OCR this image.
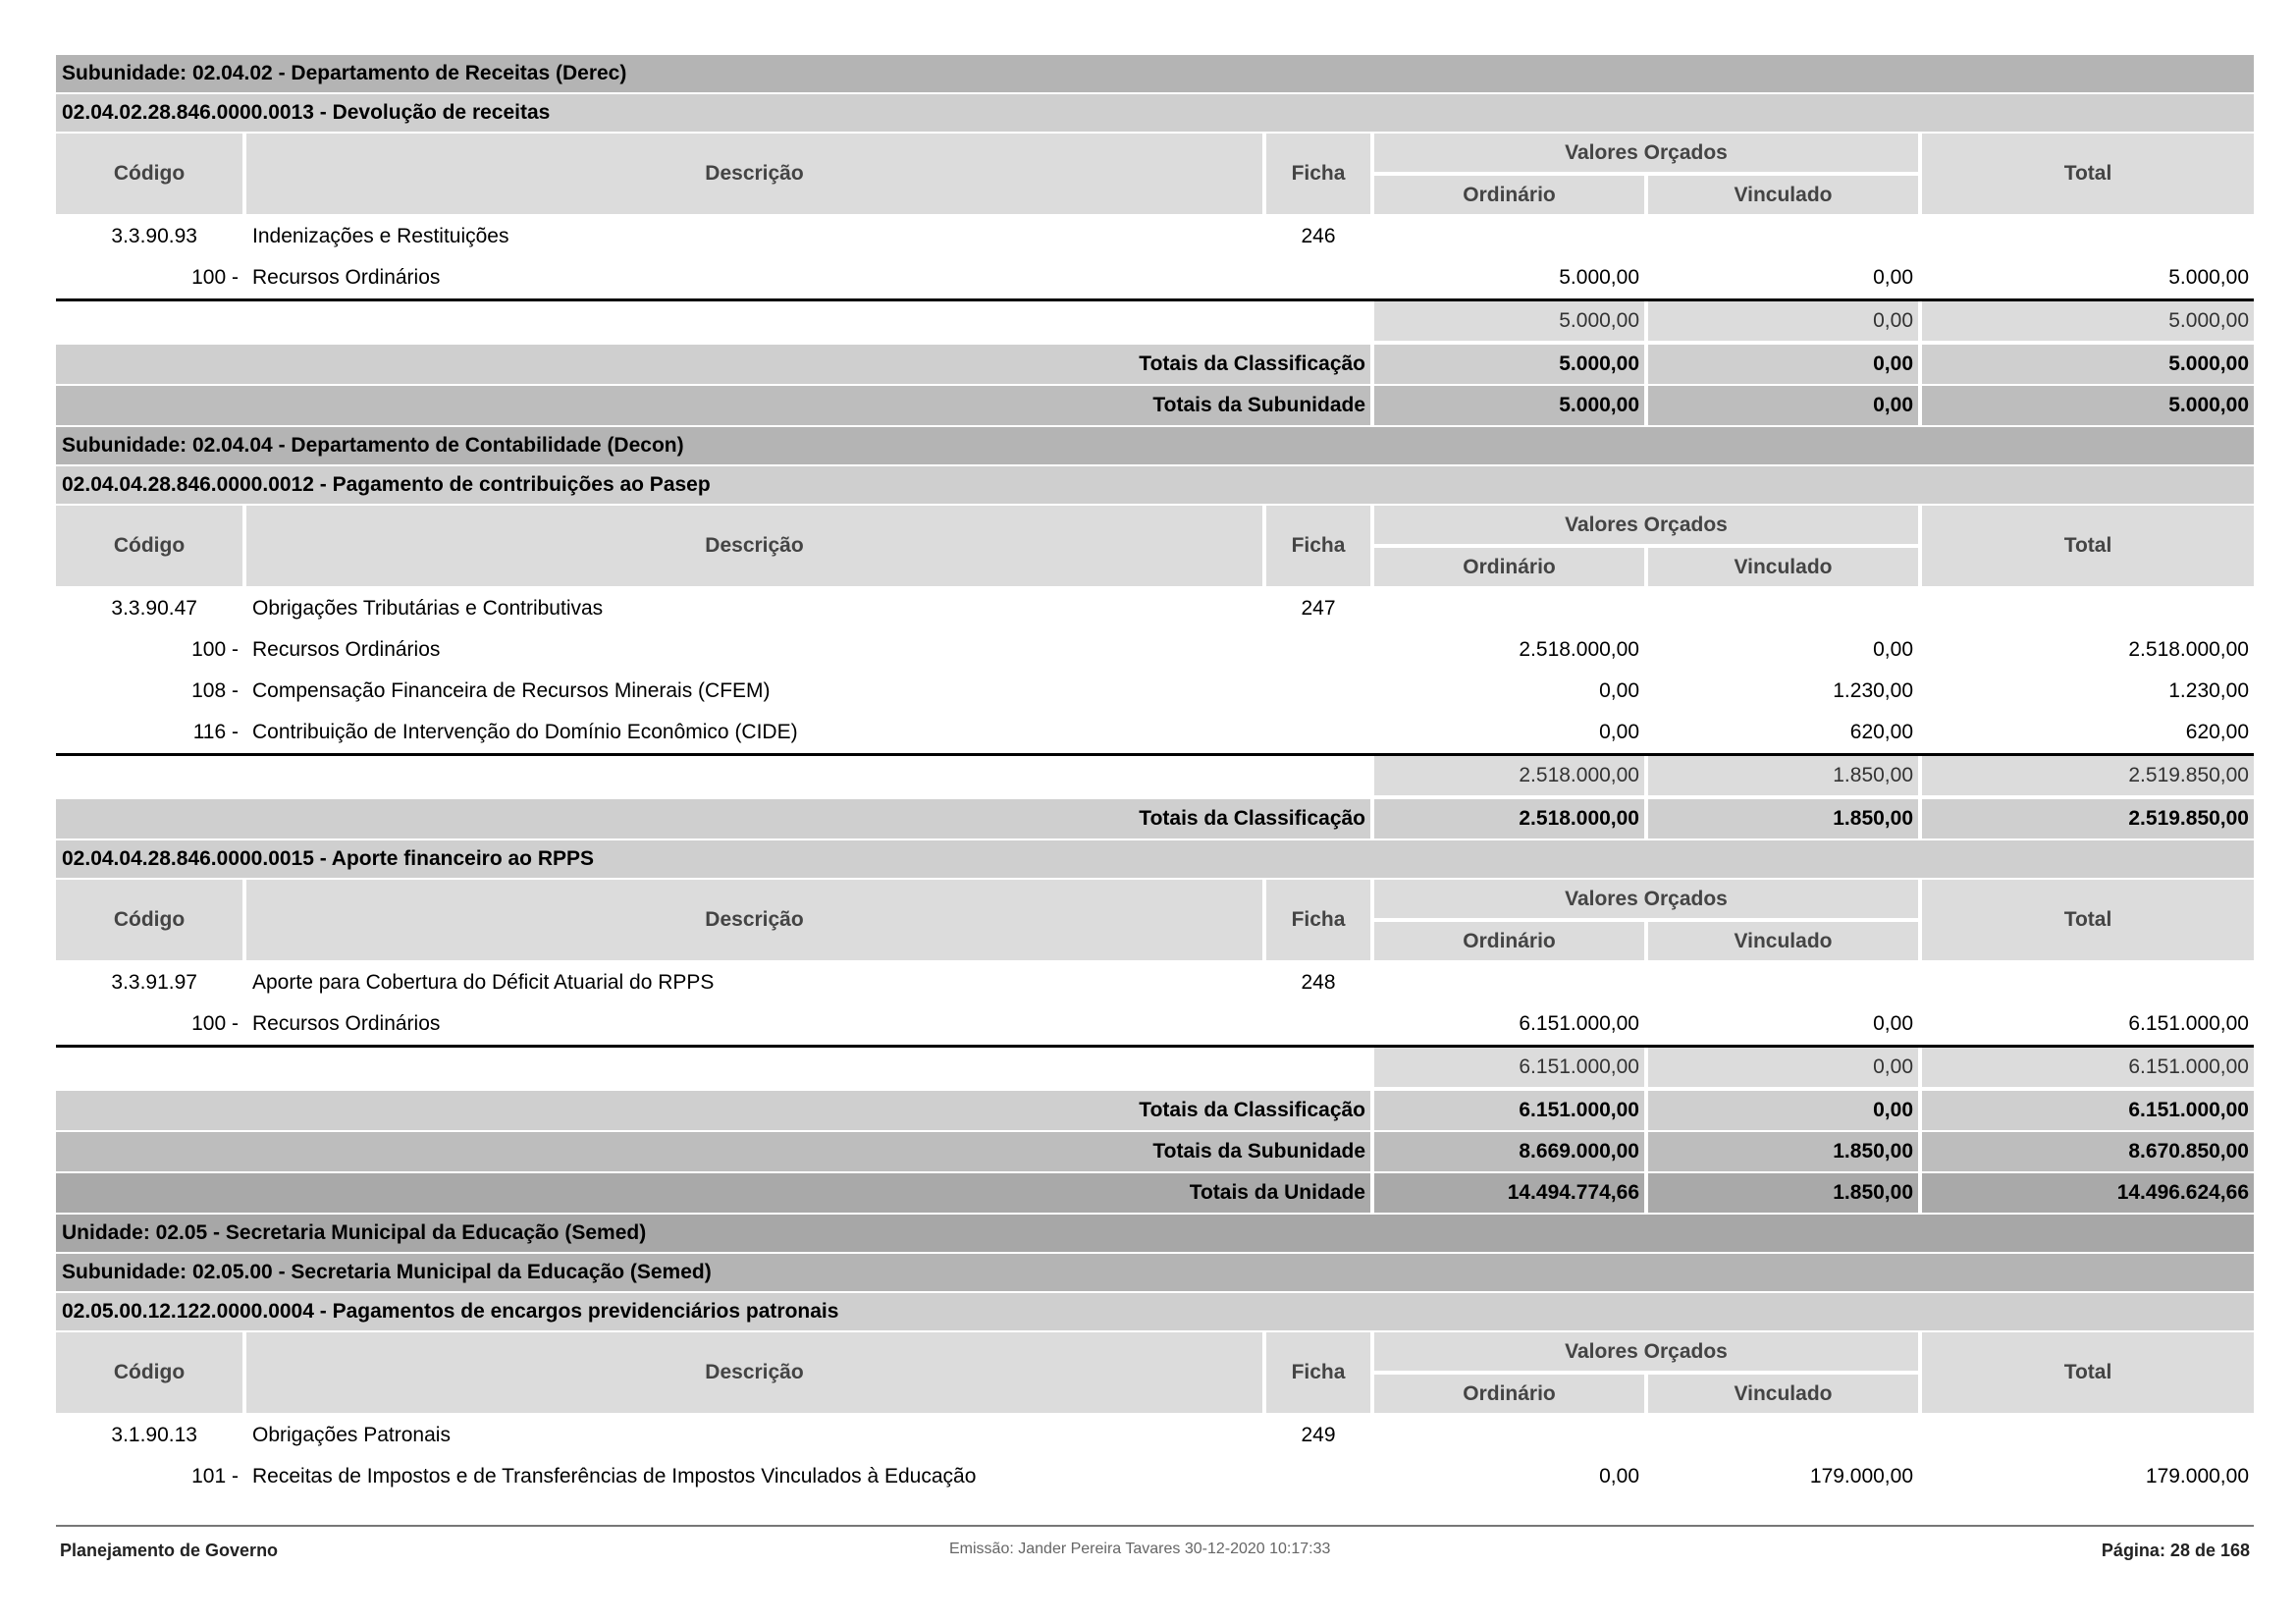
Subunidade: 02.04.02 - Departamento de Receitas (Derec)
02.04.02.28.846.0000.0013 - Devolução de receitas
Código	Descrição	Ficha
Valores Orçados
Ordinário	Vinculado
Total
3.3.90.93	Indenizações e Restituições	246
100 - Recursos Ordinários	5.000,00	0,00	5.000,00
5.000,00	0,00	5.000,00
Totais da Classificação	5.000,00	0,00	5.000,00
Totais da Subunidade	5.000,00	0,00	5.000,00
Subunidade: 02.04.04 - Departamento de Contabilidade (Decon)
02.04.04.28.846.0000.0012 - Pagamento de contribuições ao Pasep
Código	Descrição	Ficha
Valores Orçados
Ordinário	Vinculado
Total
3.3.90.47	Obrigações Tributárias e Contributivas	247
100 - Recursos Ordinários	2.518.000,00	0,00	2.518.000,00
108 - Compensação Financeira de Recursos Minerais (CFEM)	0,00	1.230,00	1.230,00
116 - Contribuição de Intervenção do Domínio Econômico (CIDE)	0,00	620,00	620,00
2.518.000,00	1.850,00	2.519.850,00
Totais da Classificação	2.518.000,00	1.850,00	2.519.850,00
02.04.04.28.846.0000.0015 - Aporte financeiro ao RPPS
Código	Descrição	Ficha
Valores Orçados
Ordinário	Vinculado
Total
3.3.91.97	Aporte para Cobertura do Déficit Atuarial do RPPS	248
100 - Recursos Ordinários	6.151.000,00	0,00	6.151.000,00
6.151.000,00	0,00	6.151.000,00
Totais da Classificação	6.151.000,00	0,00	6.151.000,00
Totais da Subunidade	8.669.000,00	1.850,00	8.670.850,00
Totais da Unidade	14.494.774,66	1.850,00	14.496.624,66
Unidade: 02.05 - Secretaria Municipal da Educação (Semed)
Subunidade: 02.05.00 - Secretaria Municipal da Educação (Semed)
02.05.00.12.122.0000.0004 - Pagamentos de encargos previdenciários patronais
Código	Descrição	Ficha
Valores Orçados
Ordinário	Vinculado
Total
3.1.90.13	Obrigações Patronais	249
101 - Receitas de Impostos e de Transferências de Impostos Vinculados à Educação	0,00	179.000,00	179.000,00
Planejamento de Governo	Emissão: Jander Pereira Tavares 30-12-2020 10:17:33	Página: 28 de 168
